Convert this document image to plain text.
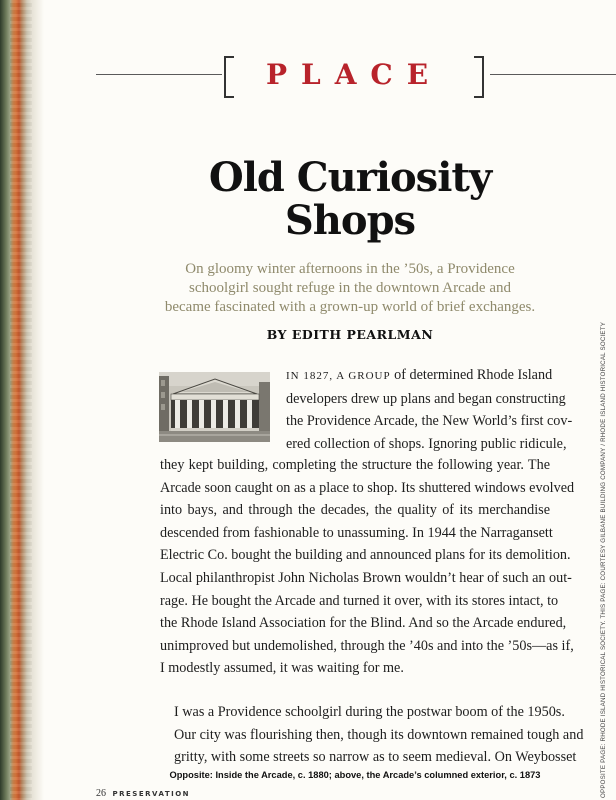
PLACE
Old Curiosity
Shops

On gloomy winter afternoons in the ’50s, a Providence
schoolgirl sought refuge in the downtown Arcade and
became fascinated with a grown-up world of brief exchanges.

BY EDITH PEARLMAN

IN 1827, A GROUP of determined Rhode Island
developers drew up plans and began constructing
the Providence Arcade, the New World’s first cov-
ered collection of shops. Ignoring public ridicule,

they kept building, completing the structure the following year. The
Arcade soon caught on as a place to shop. Its shuttered windows evolved
into bays, and through the decades, the quality of its merchandise
descended from fashionable to unassuming. In 1944 the Narragansett
Electric Co. bought the building and announced plans for its demolition.
Local philanthropist John Nicholas Brown wouldn’t hear of such an out-
rage. He bought the Arcade and turned it over, with its stores intact, to
the Rhode Island Association for the Blind. And so the Arcade endured,
unimproved but undemolished, through the ’40s and into the ’50s—as if,
I modestly assumed, it was waiting for me.

I was a Providence schoolgirl during the postwar boom of the 1950s.
Our city was flourishing then, though its downtown remained tough and
gritty, with some streets so narrow as to seem medieval. On Weybosset

Opposite: Inside the Arcade, c. 1880; above, the Arcade’s columned exterior, c. 1873

26 PRESERVATION	OPPOSITE PAGE: RHODE ISLAND HISTORICAL SOCIETY. THIS PAGE: COURTESY GILBANE BUILDING COMPANY / RHODE ISLAND HISTORICAL SOCIETY
